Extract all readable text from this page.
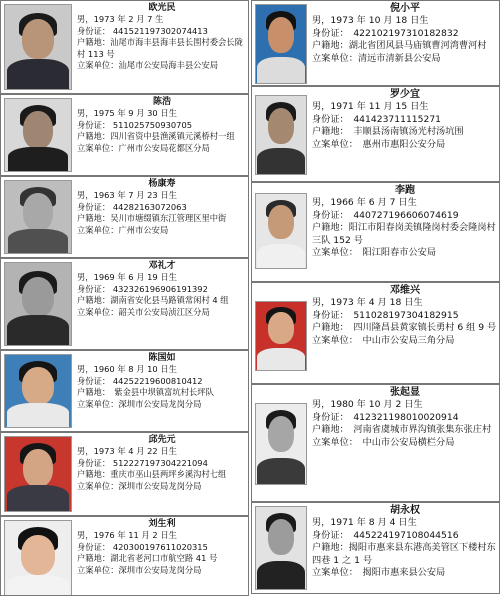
欧光民
男，1973 年 2 月 7 生
身份证： 441521197302074413
户籍地：汕尾市海丰县海丰县长围村委会长陇村 113 号
立案单位：汕尾市公安局海丰县公安局
陈浩
男，1975 年 9 月 30 日生
身份证： 511025750930705
户籍地：四川省资中县渔溪镇元溪桥村一组
立案单位：广州市公安局花都区分局
杨康寿
男，1963 年 7 月 23 日生
身份证： 44282163072063
户籍地：吴川市塘缀镇东江管理区里中街
立案单位：广州市公安局
邓礼才
男，1969 年 6 月 19 日生
身份证： 432326196906191392
户籍地：湖南省安化县马路镇常闲村 4 组
立案单位：韶关市公安局浈江区分局
陈国如
男，1960 年 8 月 10 日生
身份证： 44252219600810412
户籍地：　紫金县中坝镇富坑村长坪队
立案单位：深圳市公安局龙岗分局
邱先元
男，1973 年 4 月 22 日生
身份证： 512227197304221094
户籍地：重庆市巫山县两坪乡溪沟村七组
立案单位：深圳市公安局龙岗分局
刘生利
男，1976 年 11 月 2 日生
身份证： 420300197611020315
户籍地：湖北省老河口市航空路 41 号
立案单位：深圳市公安局龙岗分局
倪小平
男，1973 年 10 月 18 日生
身份证：　422102197310182832
户籍地：湖北省团风县马庙镇曹河湾曹河村
立案单位：清远市清新县公安局
罗少宜
男，1971 年 11 月 15 日生
身份证：　441423711115271
户籍地：　丰顺县汤南镇汤光村汤坑围
立案单位：　惠州市惠阳公安分局
李跑
男，1966 年 6 月 7 日生
身份证：　440727196606074619
户籍地：阳江市阳春岗美镇隆岗村委会隆岗村三队 152 号
立案单位：　阳江阳春市公安局
邓维兴
男，1973 年 4 月 18 日生
身份证：　511028197304182915
户籍地：　四川隆昌县黄家镇长勇村 6 组 9 号
立案单位：　中山市公安局三角分局
张起显
男，1980 年 10 月 2 日生
身份证：　412321198010020914
户籍地：　河南省虞城市界沟镇张集东张庄村
立案单位：　中山市公安局横栏分局
胡永权
男，1971 年 8 月 4 日生
身份证：　445224197108044516
户籍地：揭阳市惠来县东港高美管区下楼村东四巷 1 之 1 号
立案单位：　揭阳市惠来县公安局
